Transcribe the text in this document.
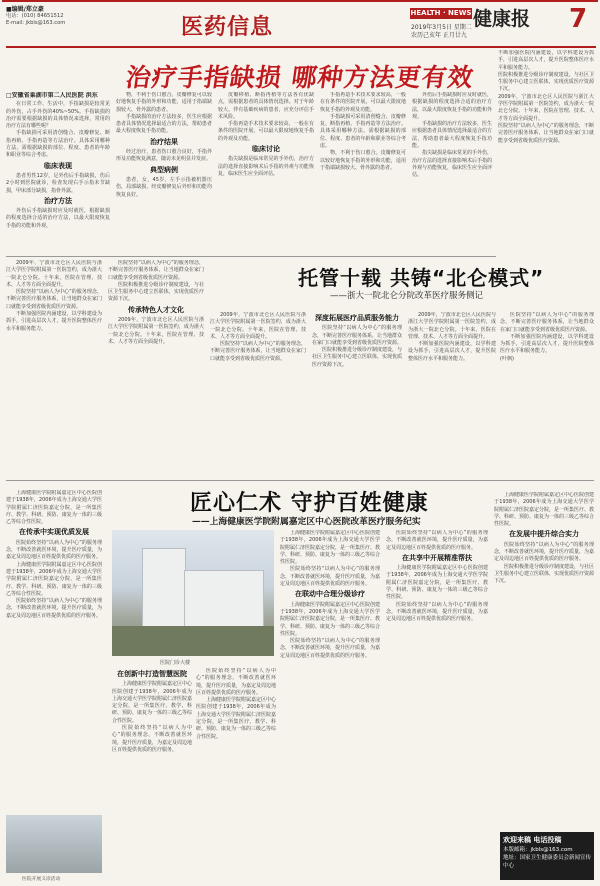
■编辑/郑立豪
电话：(010) 84651512
E-mail: jkbls@163.com	医药信息
HEALTH · NEWS 健康报 7
2019年3月5日 星期二
农历己亥年 正月廿九
治疗手指缺损 哪种方法更有效
□安徽省巢湖市第二人民医院 洪东

在日常工作、生活中，手指缺损是较常见的外伤，占手外伤的40%~50%。手指缺损的治疗需要根据缺损的具体情况来选择，常用的治疗方法有哪些呢？

手指缺损可采用清创缝合、皮瓣修复、断指再植、手指再造等方法治疗。具体采用哪种方法，需根据缺损的部位、程度、患者的年龄和职业等综合考虑。

临床表现

患者男性12岁，足外伤后手指缺损，伤后2小时到医院就诊，检查发现右手示指末节缺损，甲床部分缺损，指骨外露。

治疗方法

外伤后手指缺损时应及时就医，根据缺损的程度选择合适的治疗方法，以最大限度恢复手指的功能和外观。

物，不利于伤口愈合。皮瓣修复可以较好地恢复手指的外形和功能，适用于指端缺损较大、骨外露的患者。

手指缺损的治疗方法较多，医生应根据患者具体情况选择最适合的方法，帮助患者最大程度恢复手指功能。

治疗结果

经过治疗，患者伤口愈合良好，手指外形及功能恢复满意，随访未见明显并发症。

典型病例

患者，女，45岁，左手示指被机器压伤，局部缺损，经皮瓣修复后外形和功能均恢复良好。

皮瓣移植、断指再植等方法各有优缺点，需根据患者的具体情况选择。对于年龄较大、伴有基础疾病的患者，应充分评估手术风险。

手指再造手术技术要求较高，一般在有条件的医院开展，可以最大限度地恢复手指的外观及功能。

临床讨论

指尖缺损是临床常见的手外伤，治疗方法的选择直接影响术后手指的外观与功能恢复，临床医生应全面评估。

手指再造手术技术要求较高，一般在有条件的医院开展，可以最大限度地恢复手指的外观及功能。

手指缺损可采用清创缝合、皮瓣修复、断指再植、手指再造等方法治疗。具体采用哪种方法，需根据缺损的部位、程度、患者的年龄和职业等综合考虑。

物，不利于伤口愈合。皮瓣修复可以较好地恢复手指的外形和功能，适用于指端缺损较大、骨外露的患者。

外伤后手指缺损时应及时就医，根据缺损的程度选择合适的治疗方法，以最大限度恢复手指的功能和外观。

手指缺损的治疗方法较多，医生应根据患者具体情况选择最适合的方法，帮助患者最大程度恢复手指功能。

指尖缺损是临床常见的手外伤，治疗方法的选择直接影响术后手指的外观与功能恢复，临床医生应全面评估。

不断加强医院内涵建设，以学科建设为抓手，引进高层次人才，提升医院整体医疗水平和服务能力。

医院积极推进分级诊疗制度建设，与社区卫生服务中心建立医联体，实现优质医疗资源下沉。

2009年，宁波市北仑区人民医院与浙江大学医学院附属第一医院签约，成为浙大一院北仑分院。十年来，医院在管理、技术、人才等方面全面提升。

医院坚持“以病人为中心”的服务理念，不断完善医疗服务体系，让当地群众在家门口就能享受到省级优质医疗资源。

2009年，宁波市北仑区人民医院与浙江大学医学院附属第一医院签约，成为浙大一院北仑分院。十年来，医院在管理、技术、人才等方面全面提升。

医院坚持“以病人为中心”的服务理念，不断完善医疗服务体系，让当地群众在家门口就能享受到省级优质医疗资源。

不断加强医院内涵建设，以学科建设为抓手，引进高层次人才，提升医院整体医疗水平和服务能力。

医院坚持“以病人为中心”的服务理念，不断完善医疗服务体系，让当地群众在家门口就能享受到省级优质医疗资源。

医院积极推进分级诊疗制度建设，与社区卫生服务中心建立医联体，实现优质医疗资源下沉。

传承特色人才文化

2009年，宁波市北仑区人民医院与浙江大学医学院附属第一医院签约，成为浙大一院北仑分院。十年来，医院在管理、技术、人才等方面全面提升。

托管十载 共铸“北仑模式”
——浙大一院北仑分院改革医疗服务侧记

2009年，宁波市北仑区人民医院与浙江大学医学院附属第一医院签约，成为浙大一院北仑分院。十年来，医院在管理、技术、人才等方面全面提升。

医院坚持“以病人为中心”的服务理念，不断完善医疗服务体系，让当地群众在家门口就能享受到省级优质医疗资源。

深度拓展医疗品质服务能力

医院坚持“以病人为中心”的服务理念，不断完善医疗服务体系，让当地群众在家门口就能享受到省级优质医疗资源。

医院积极推进分级诊疗制度建设，与社区卫生服务中心建立医联体，实现优质医疗资源下沉。

2009年，宁波市北仑区人民医院与浙江大学医学院附属第一医院签约，成为浙大一院北仑分院。十年来，医院在管理、技术、人才等方面全面提升。

不断加强医院内涵建设，以学科建设为抓手，引进高层次人才，提升医院整体医疗水平和服务能力。

医院坚持“以病人为中心”的服务理念，不断完善医疗服务体系，让当地群众在家门口就能享受到省级优质医疗资源。

不断加强医院内涵建设，以学科建设为抓手，引进高层次人才，提升医院整体医疗水平和服务能力。

(叶枫)
匠心仁术 守护百姓健康
——上海健康医学院附属嘉定区中心医院改革医疗服务纪实

上海健康医学院附属嘉定区中心医院创建于1938年，2006年成为上海交通大学医学院附属仁济医院嘉定分院，是一所集医疗、教学、科研、预防、康复为一体的三级乙等综合性医院。

在传承中实现优质发展

医院始终坚持“以病人为中心”的服务理念，不断改善就医环境，提升医疗质量，为嘉定及周边地区百姓提供优质的医疗服务。

上海健康医学院附属嘉定区中心医院创建于1938年，2006年成为上海交通大学医学院附属仁济医院嘉定分院，是一所集医疗、教学、科研、预防、康复为一体的三级乙等综合性医院。

医院始终坚持“以病人为中心”的服务理念，不断改善就医环境，提升医疗质量，为嘉定及周边地区百姓提供优质的医疗服务。

医院门诊大楼
在创新中打造智慧医院

上海健康医学院附属嘉定区中心医院创建于1938年，2006年成为上海交通大学医学院附属仁济医院嘉定分院，是一所集医疗、教学、科研、预防、康复为一体的三级乙等综合性医院。

医院始终坚持“以病人为中心”的服务理念，不断改善就医环境，提升医疗质量，为嘉定及周边地区百姓提供优质的医疗服务。

医院始终坚持“以病人为中心”的服务理念，不断改善就医环境，提升医疗质量，为嘉定及周边地区百姓提供优质的医疗服务。

上海健康医学院附属嘉定区中心医院创建于1938年，2006年成为上海交通大学医学院附属仁济医院嘉定分院，是一所集医疗、教学、科研、预防、康复为一体的三级乙等综合性医院。

上海健康医学院附属嘉定区中心医院创建于1938年，2006年成为上海交通大学医学院附属仁济医院嘉定分院，是一所集医疗、教学、科研、预防、康复为一体的三级乙等综合性医院。

医院始终坚持“以病人为中心”的服务理念，不断改善就医环境，提升医疗质量，为嘉定及周边地区百姓提供优质的医疗服务。

在联动中合理分级诊疗

上海健康医学院附属嘉定区中心医院创建于1938年，2006年成为上海交通大学医学院附属仁济医院嘉定分院，是一所集医疗、教学、科研、预防、康复为一体的三级乙等综合性医院。

医院始终坚持“以病人为中心”的服务理念，不断改善就医环境，提升医疗质量，为嘉定及周边地区百姓提供优质的医疗服务。

医院始终坚持“以病人为中心”的服务理念，不断改善就医环境，提升医疗质量，为嘉定及周边地区百姓提供优质的医疗服务。

在共享中开展精准帮扶

上海健康医学院附属嘉定区中心医院创建于1938年，2006年成为上海交通大学医学院附属仁济医院嘉定分院，是一所集医疗、教学、科研、预防、康复为一体的三级乙等综合性医院。

医院始终坚持“以病人为中心”的服务理念，不断改善就医环境，提升医疗质量，为嘉定及周边地区百姓提供优质的医疗服务。

上海健康医学院附属嘉定区中心医院创建于1938年，2006年成为上海交通大学医学院附属仁济医院嘉定分院，是一所集医疗、教学、科研、预防、康复为一体的三级乙等综合性医院。

在发展中提升综合实力

医院始终坚持“以病人为中心”的服务理念，不断改善就医环境，提升医疗质量，为嘉定及周边地区百姓提供优质的医疗服务。

医院积极推进分级诊疗制度建设，与社区卫生服务中心建立医联体，实现优质医疗资源下沉。

医院开展义诊活动
欢迎来稿 电话投稿
本版邮箱：jkbls@163.com
地址：国家卫生健康委员会新闻宣传中心
